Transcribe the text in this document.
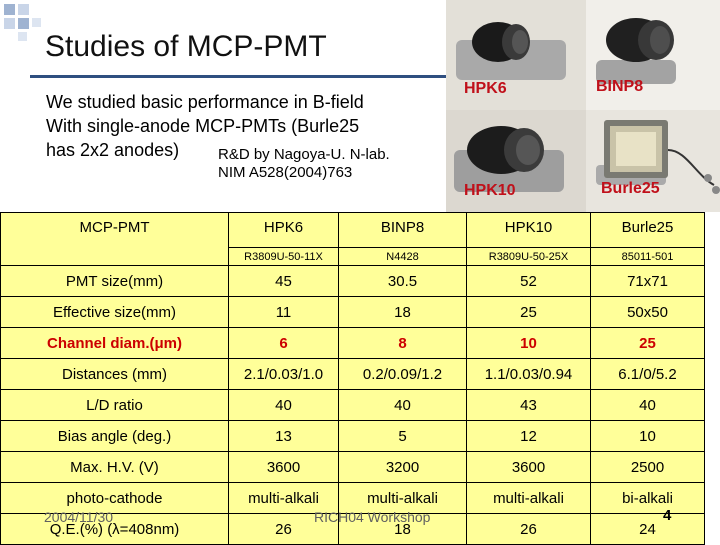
Studies of MCP-PMT
We studied basic performance in B-field
With single-anode MCP-PMTs (Burle25
has 2x2 anodes)	R&D by Nagoya-U. N-lab.
NIM A528(2004)763
HPK6	BINP8
HPK10	Burle25
MCP-PMT	HPK6	BINP8	HPK10	Burle25
	R3809U-50-11X	N4428	R3809U-50-25X	85011-501
PMT size(mm)	45	30.5	52	71x71
Effective size(mm)	11	18	25	50x50
Channel diam.(μm)	6	8	10	25
Distances (mm)	2.1/0.03/1.0	0.2/0.09/1.2	1.1/0.03/0.94	6.1/0/5.2
L/D ratio	40	40	43	40
Bias angle (deg.)	13	5	12	10
Max. H.V. (V)	3600	3200	3600	2500
photo-cathode	multi-alkali	multi-alkali	multi-alkali	bi-alkali
Q.E.(%) (λ=408nm)	26	18	26	24
2004/11/30	RICH04 Workshop	4
